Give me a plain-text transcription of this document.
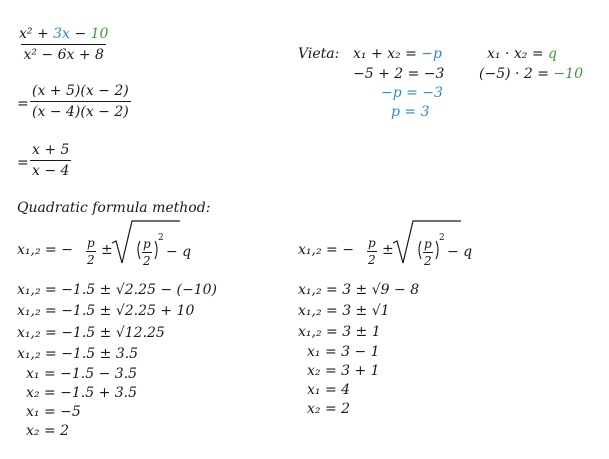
$\frac{\text{x² + 3x − 10}}{\text{x² − 6x + 8}}$
= $\frac{(x + 5)(x - 2)}{(x - 4)(x - 2)}$
= $\frac{x + 5}{x - 4}$
Vieta: x₁ + x₂ = −p	x₁ · x₂ = q
−5 + 2 = −3 (−5) · 2 = −10
−p = −3
p = 3
Quadratic formula method:
x₁,₂ = − $\frac{p}{2} \pm \frac{p}{2} 2$
− q	x₁,₂ = − $\frac{p}{2} \pm \frac{p}{2} 2$
− q
x₁,₂ = −1.5 ± √2.25 − (−10)
x₁,₂ = −1.5 ± √2.25 + 10
x₁,₂ = −1.5 ± √12.25
x₁,₂ = −1.5 ± 3.5
x₁ = −1.5 − 3.5
x₂ = −1.5 + 3.5
x₁ = −5
x₂ = 2
x₁,₂ = 3 ± √9 − 8
x₁,₂ = 3 ± √1
x₁,₂ = 3 ± 1
x₁ = 3 − 1
x₂ = 3 + 1
x₁ = 4
x₂ = 2
